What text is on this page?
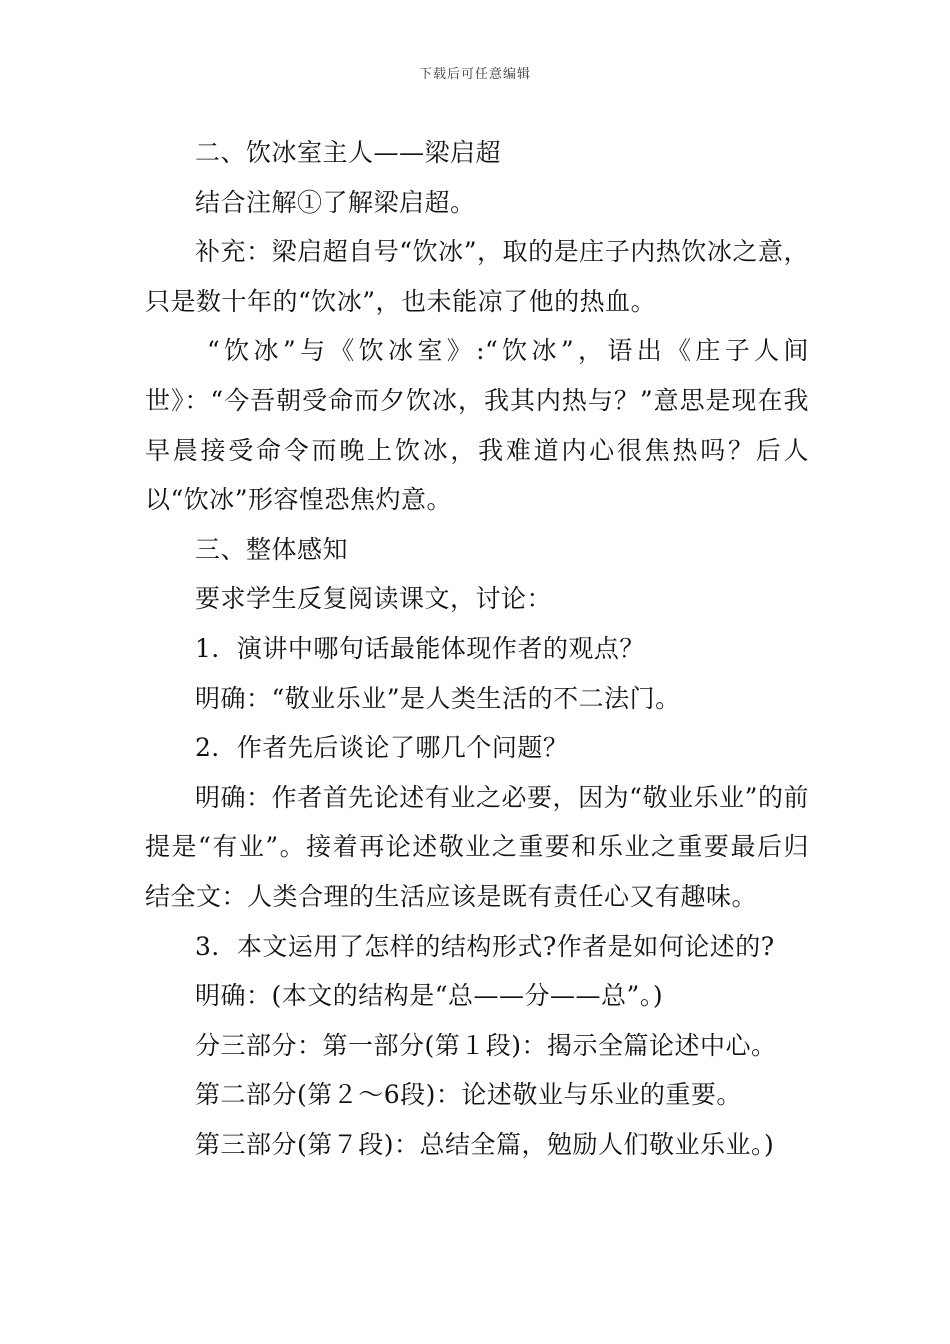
下载后可任意编辑

二、饮冰室主人——梁启超

结合注解①了解梁启超。

补充：梁启超自号“饮冰”，取的是庄子内热饮冰之意，只是数十年的“饮冰”，也未能凉了他的热血。

“饮冰”与《饮冰室》:“饮冰”，语出《庄子人间世》：“今吾朝受命而夕饮冰，我其内热与？”意思是现在我早晨接受命令而晚上饮冰，我难道内心很焦热吗？后人以“饮冰”形容惶恐焦灼意。

三、整体感知

要求学生反复阅读课文，讨论：

1．演讲中哪句话最能体现作者的观点？

明确：“敬业乐业”是人类生活的不二法门。

2．作者先后谈论了哪几个问题？

明确：作者首先论述有业之必要，因为“敬业乐业”的前提是“有业”。接着再论述敬业之重要和乐业之重要最后归结全文：人类合理的生活应该是既有责任心又有趣味。

3．本文运用了怎样的结构形式?作者是如何论述的?

明确：(本文的结构是“总——分——总”。)

分三部分：第一部分(第１段)：揭示全篇论述中心。

第二部分(第２～6段)：论述敬业与乐业的重要。

第三部分(第７段)：总结全篇，勉励人们敬业乐业。)
